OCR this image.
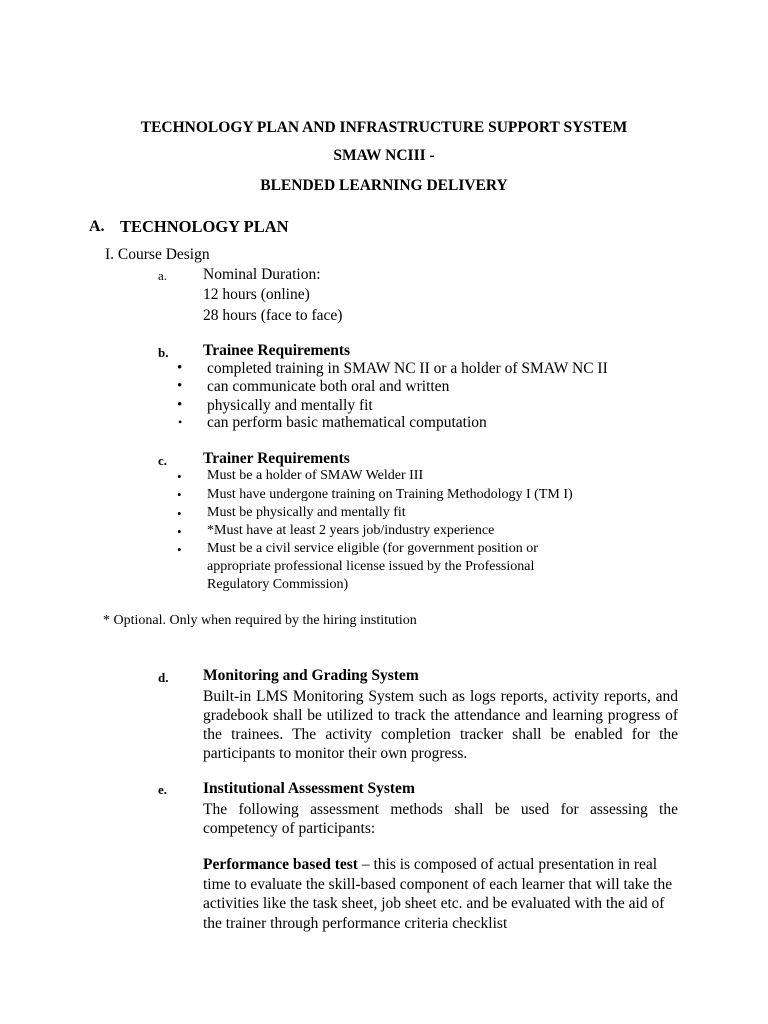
TECHNOLOGY PLAN AND INFRASTRUCTURE SUPPORT SYSTEM
SMAW NCIII -
BLENDED LEARNING DELIVERY
A. TECHNOLOGY PLAN
I. Course Design
a. Nominal Duration:
12 hours (online)
28 hours (face to face)
b. Trainee Requirements
• completed training in SMAW NC II or a holder of SMAW NC II
• can communicate both oral and written
• physically and mentally fit
• can perform basic mathematical computation
c. Trainer Requirements
• Must be a holder of SMAW Welder III
• Must have undergone training on Training Methodology I (TM I)
• Must be physically and mentally fit
• *Must have at least 2 years job/industry experience
• Must be a civil service eligible (for government position or
appropriate professional license issued by the Professional
Regulatory Commission)
* Optional. Only when required by the hiring institution
d. Monitoring and Grading System
Built-in LMS Monitoring System such as logs reports, activity reports, and gradebook shall be utilized to track the attendance and learning progress of the trainees. The activity completion tracker shall be enabled for the participants to monitor their own progress.
e. Institutional Assessment System
The following assessment methods shall be used for assessing the competency of participants:
Performance based test – this is composed of actual presentation in real time to evaluate the skill-based component of each learner that will take the activities like the task sheet, job sheet etc. and be evaluated with the aid of the trainer through performance criteria checklist
